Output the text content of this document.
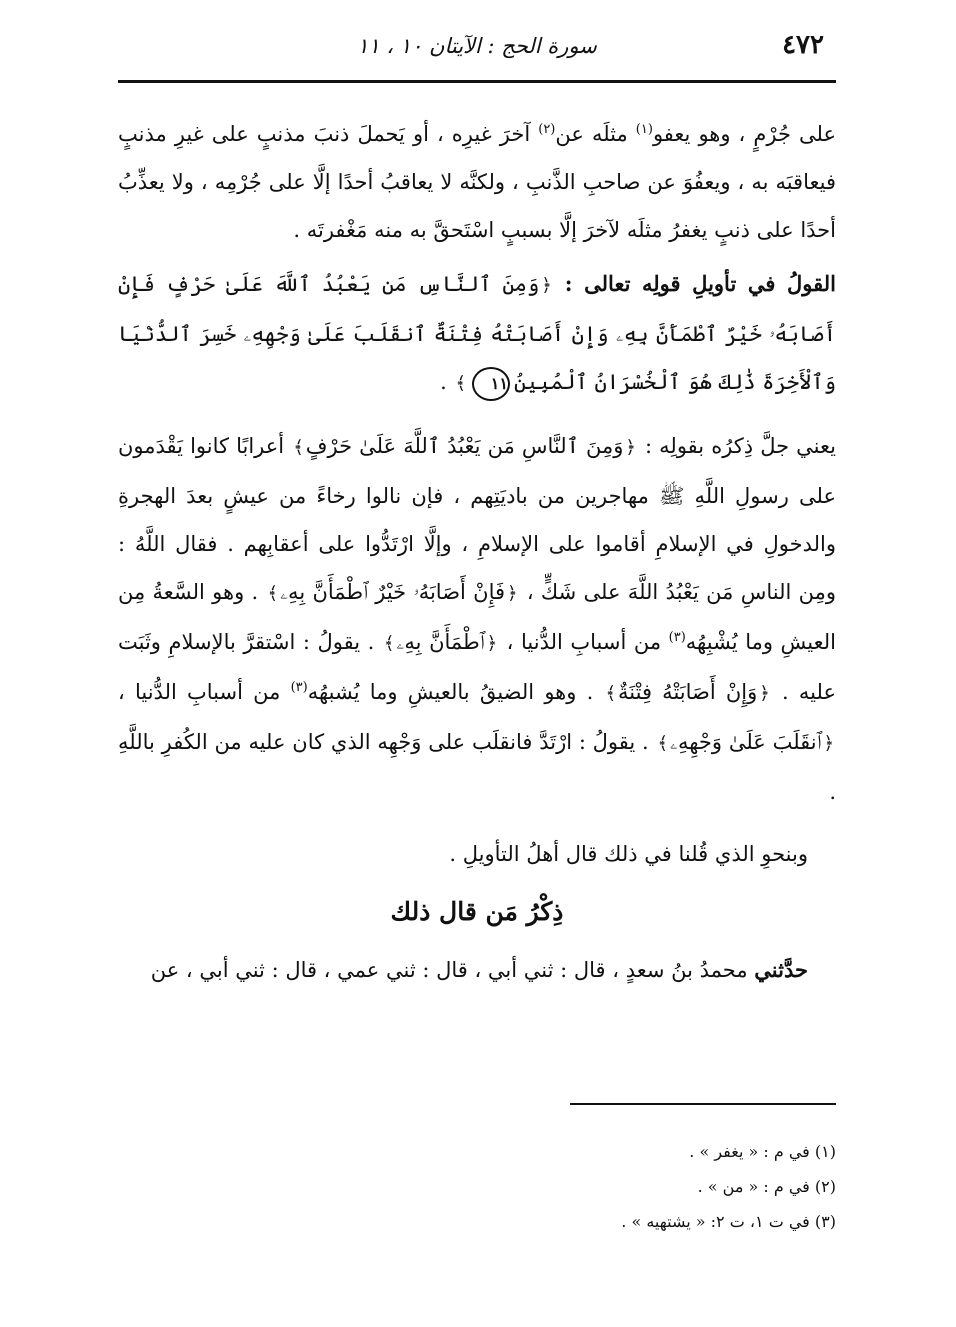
٤٧٢
سورة الحج : الآيتان ١٠ ، ١١

على جُرْمٍ ، وهو يعفو$^{(١)}$ مثلَه عن$^{(٢)}$ آخرَ غيرِه ، أو يَحملَ ذنبَ مذنبٍ على غيرِ مذنبٍ فيعاقبَه به ، ويعفُوَ عن صاحبِ الذَّنبِ ، ولكنَّه لا يعاقبُ أحدًا إلَّا على جُرْمِه ، ولا يعذِّبُ أحدًا على ذنبٍ يغفرُ مثلَه لآخرَ إلَّا بسببٍ اسْتَحقَّ به منه مَغْفرتَه .

القولُ في تأويلِ قولِه تعالى : ﴿وَمِنَ ٱلنَّاسِ مَن يَعْبُدُ ٱللَّهَ عَلَىٰ حَرْفٍ فَإِنْ أَصَابَهُۥ خَيْرٌ ٱطْمَأَنَّ بِهِۦ وَإِنْ أَصَابَتْهُ فِتْنَةٌ ٱنقَلَبَ عَلَىٰ وَجْهِهِۦ خَسِرَ ٱلدُّنْيَا وَٱلْأَخِرَةَ ذَٰلِكَ هُوَ ٱلْخُسْرَانُ ٱلْمُبِينُ١١﴾ .

يعني جلَّ ذِكرُه بقولِه : ﴿وَمِنَ ٱلنَّاسِ مَن يَعْبُدُ ٱللَّهَ عَلَىٰ حَرْفٍ﴾ أعرابًا كانوا يَقْدَمون على رسولِ اللَّهِ ﷺ مهاجرين من باديَتِهم ، فإن نالوا رخاءً من عيشٍ بعدَ الهجرةِ والدخولِ في الإسلامِ أقاموا على الإسلامِ ، وإلَّا ارْتَدُّوا على أعقابِهم . فقال اللَّهُ : ومِن الناسِ مَن يَعْبُدُ اللَّهَ على شَكٍّ ، ﴿فَإِنْ أَصَابَهُۥ خَيْرٌ ٱطْمَأَنَّ بِهِۦ﴾ . وهو السَّعةُ مِن العيشِ وما يُشْبِهُه$^{(٣)}$ من أسبابِ الدُّنيا ، ﴿ٱطْمَأَنَّ بِهِۦ﴾ . يقولُ : اسْتقرَّ بالإسلامِ وثَبَت عليه . ﴿وَإِنْ أَصَابَتْهُ فِتْنَةٌ﴾ . وهو الضيقُ بالعيشِ وما يُشبهُه$^{(٣)}$ من أسبابِ الدُّنيا ، ﴿ٱنقَلَبَ عَلَىٰ وَجْهِهِۦ﴾ . يقولُ : ارْتَدَّ فانقلَب على وَجْهِه الذي كان عليه من الكُفرِ باللَّهِ .

وبنحوِ الذي قُلنا في ذلك قال أهلُ التأويلِ .

ذِكْرُ مَن قال ذلك

حدَّثني محمدُ بنُ سعدٍ ، قال : ثني أبي ، قال : ثني عمي ، قال : ثني أبي ، عن

(١) في م : « يغفر » .

(٢) في م : « من » .

(٣) في ت ١، ت ٢: « يشتهيه » .
